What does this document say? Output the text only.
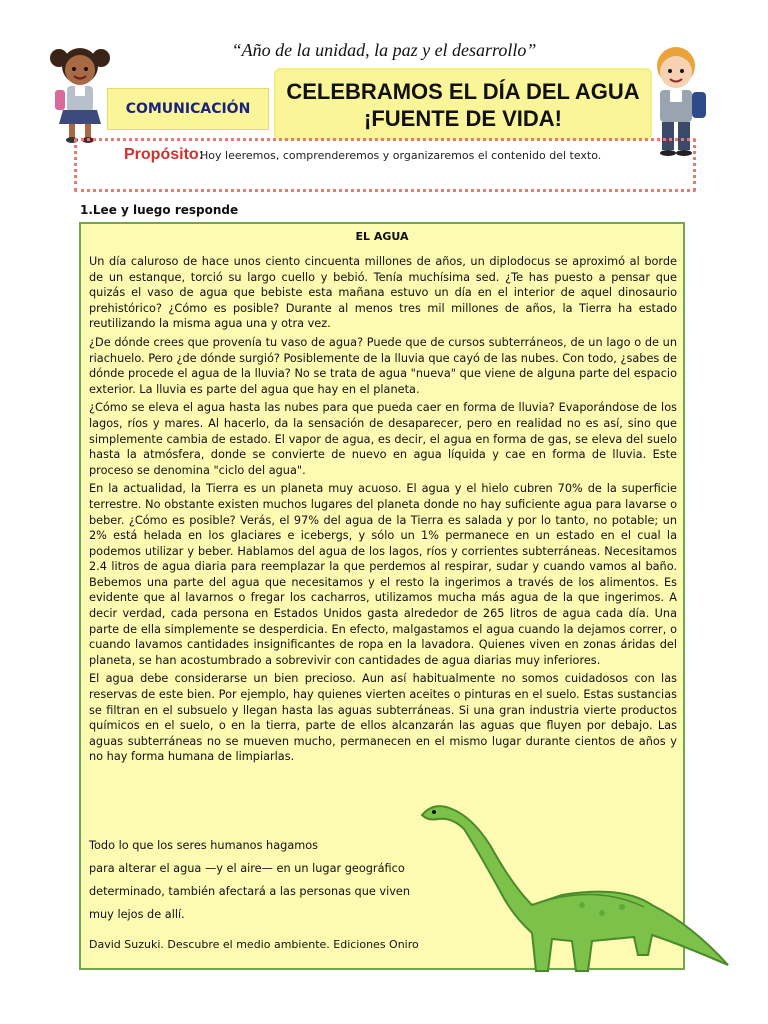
“Año de la unidad, la paz y el desarrollo”
COMUNICACIÓN
CELEBRAMOS EL DÍA DEL AGUA
¡FUENTE DE VIDA!
Propósito:
Hoy leeremos, comprenderemos y organizaremos el contenido del texto.
1.Lee y luego responde
EL AGUA

Un día caluroso de hace unos ciento cincuenta millones de años, un diplodocus se aproximó al borde de un estanque, torció su largo cuello y bebió. Tenía muchísima sed. ¿Te has puesto a pensar que quizás el vaso de agua que bebiste esta mañana estuvo un día en el interior de aquel dinosaurio prehistórico? ¿Cómo es posible? Durante al menos tres mil millones de años, la Tierra ha estado reutilizando la misma agua una y otra vez.

¿De dónde crees que provenía tu vaso de agua? Puede que de cursos subterráneos, de un lago o de un riachuelo. Pero ¿de dónde surgió? Posiblemente de la lluvia que cayó de las nubes. Con todo, ¿sabes de dónde procede el agua de la lluvia? No se trata de agua "nueva" que viene de alguna parte del espacio exterior. La lluvia es parte del agua que hay en el planeta.

¿Cómo se eleva el agua hasta las nubes para que pueda caer en forma de lluvia? Evaporándose de los lagos, ríos y mares. Al hacerlo, da la sensación de desaparecer, pero en realidad no es así, sino que simplemente cambia de estado. El vapor de agua, es decir, el agua en forma de gas, se eleva del suelo hasta la atmósfera, donde se convierte de nuevo en agua líquida y cae en forma de lluvia. Este proceso se denomina "ciclo del agua".

En la actualidad, la Tierra es un planeta muy acuoso. El agua y el hielo cubren 70% de la superficie terrestre. No obstante existen muchos lugares del planeta donde no hay suficiente agua para lavarse o beber. ¿Cómo es posible? Verás, el 97% del agua de la Tierra es salada y por lo tanto, no potable; un 2% está helada en los glaciares e icebergs, y sólo un 1% permanece en un estado en el cual la podemos utilizar y beber. Hablamos del agua de los lagos, ríos y corrientes subterráneas. Necesitamos 2.4 litros de agua diaria para reemplazar la que perdemos al respirar, sudar y cuando vamos al baño. Bebemos una parte del agua que necesitamos y el resto la ingerimos a través de los alimentos. Es evidente que al lavarnos o fregar los cacharros, utilizamos mucha más agua de la que ingerimos. A decir verdad, cada persona en Estados Unidos gasta alrededor de 265 litros de agua cada día. Una parte de ella simplemente se desperdicia. En efecto, malgastamos el agua cuando la dejamos correr, o cuando lavamos cantidades insignificantes de ropa en la lavadora. Quienes viven en zonas áridas del planeta, se han acostumbrado a sobrevivir con cantidades de agua diarias muy inferiores.

El agua debe considerarse un bien precioso. Aun así habitualmente no somos cuidadosos con las reservas de este bien. Por ejemplo, hay quienes vierten aceites o pinturas en el suelo. Estas sustancias se filtran en el subsuelo y llegan hasta las aguas subterráneas. Si una gran industria vierte productos químicos en el suelo, o en la tierra, parte de ellos alcanzarán las aguas que fluyen por debajo. Las aguas subterráneas no se mueven mucho, permanecen en el mismo lugar durante cientos de años y no hay forma humana de limpiarlas.

Todo lo que los seres humanos hagamos
para alterar el agua —y el aire— en un lugar geográfico
determinado, también afectará a las personas que viven
muy lejos de allí.
David Suzuki. Descubre el medio ambiente. Ediciones Oniro
